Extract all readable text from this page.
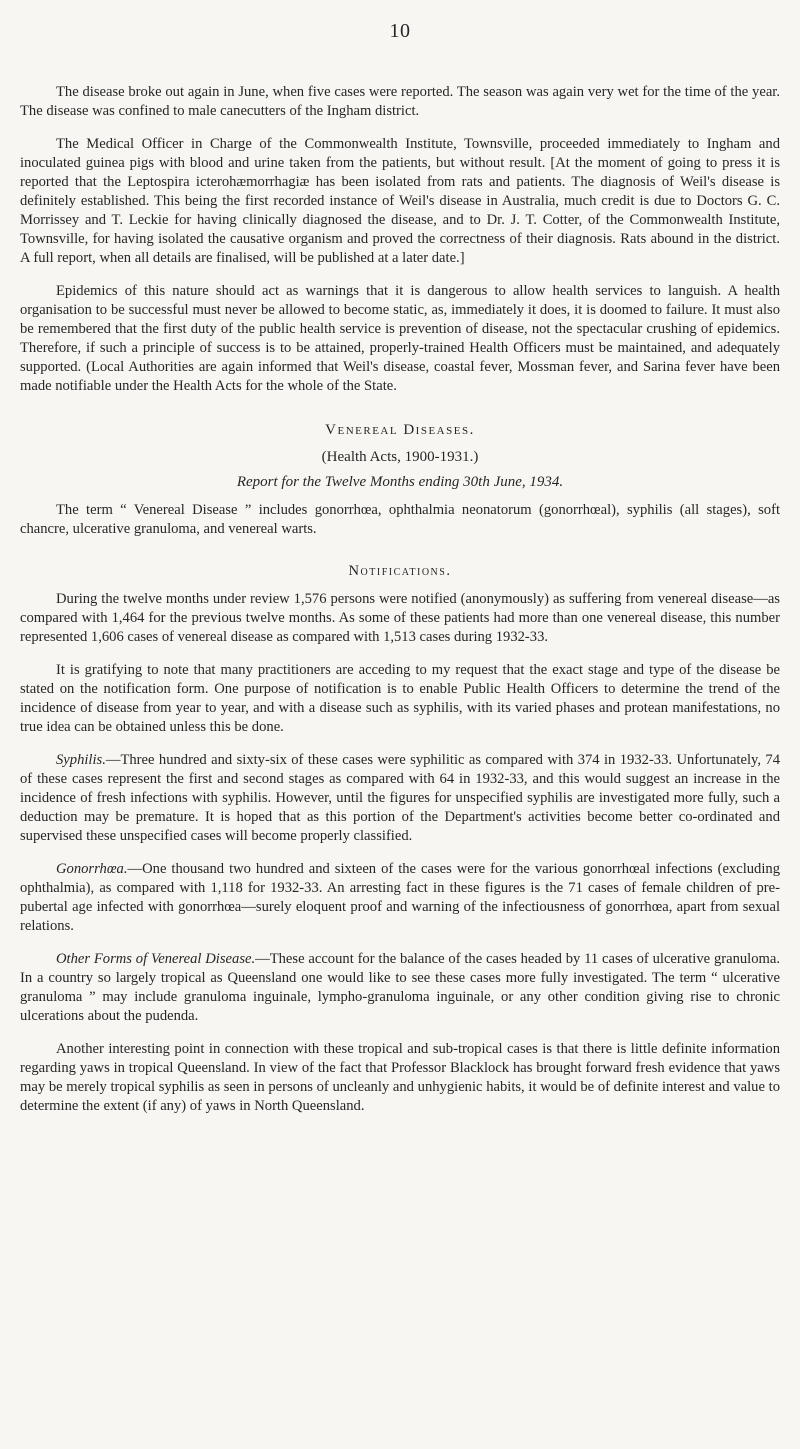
10

The disease broke out again in June, when five cases were reported. The season was again very wet for the time of the year. The disease was confined to male canecutters of the Ingham district.

The Medical Officer in Charge of the Commonwealth Institute, Townsville, proceeded immediately to Ingham and inoculated guinea pigs with blood and urine taken from the patients, but without result. [At the moment of going to press it is reported that the Leptospira icterohæmorrhagiæ has been isolated from rats and patients. The diagnosis of Weil's disease is definitely established. This being the first recorded instance of Weil's disease in Australia, much credit is due to Doctors G. C. Morrissey and T. Leckie for having clinically diagnosed the disease, and to Dr. J. T. Cotter, of the Commonwealth Institute, Townsville, for having isolated the causative organism and proved the correctness of their diagnosis. Rats abound in the district. A full report, when all details are finalised, will be published at a later date.]

Epidemics of this nature should act as warnings that it is dangerous to allow health services to languish. A health organisation to be successful must never be allowed to become static, as, immediately it does, it is doomed to failure. It must also be remembered that the first duty of the public health service is prevention of disease, not the spectacular crushing of epidemics. Therefore, if such a principle of success is to be attained, properly-trained Health Officers must be maintained, and adequately supported. (Local Authorities are again informed that Weil's disease, coastal fever, Mossman fever, and Sarina fever have been made notifiable under the Health Acts for the whole of the State.

Venereal Diseases.
(Health Acts, 1900-1931.)
Report for the Twelve Months ending 30th June, 1934.

The term “ Venereal Disease ” includes gonorrhœa, ophthalmia neonatorum (gonorrhœal), syphilis (all stages), soft chancre, ulcerative granuloma, and venereal warts.

Notifications.

During the twelve months under review 1,576 persons were notified (anonymously) as suffering from venereal disease—as compared with 1,464 for the previous twelve months. As some of these patients had more than one venereal disease, this number represented 1,606 cases of venereal disease as compared with 1,513 cases during 1932-33.

It is gratifying to note that many practitioners are acceding to my request that the exact stage and type of the disease be stated on the notification form. One purpose of notification is to enable Public Health Officers to determine the trend of the incidence of disease from year to year, and with a disease such as syphilis, with its varied phases and protean manifestations, no true idea can be obtained unless this be done.

Syphilis.—Three hundred and sixty-six of these cases were syphilitic as compared with 374 in 1932-33. Unfortunately, 74 of these cases represent the first and second stages as compared with 64 in 1932-33, and this would suggest an increase in the incidence of fresh infections with syphilis. However, until the figures for unspecified syphilis are investigated more fully, such a deduction may be premature. It is hoped that as this portion of the Department's activities become better co-ordinated and supervised these unspecified cases will become properly classified.

Gonorrhœa.—One thousand two hundred and sixteen of the cases were for the various gonorrhœal infections (excluding ophthalmia), as compared with 1,118 for 1932-33. An arresting fact in these figures is the 71 cases of female children of pre-pubertal age infected with gonorrhœa—surely eloquent proof and warning of the infectiousness of gonorrhœa, apart from sexual relations.

Other Forms of Venereal Disease.—These account for the balance of the cases headed by 11 cases of ulcerative granuloma. In a country so largely tropical as Queensland one would like to see these cases more fully investigated. The term “ ulcerative granuloma ” may include granuloma inguinale, lympho-granuloma inguinale, or any other condition giving rise to chronic ulcerations about the pudenda.

Another interesting point in connection with these tropical and sub-tropical cases is that there is little definite information regarding yaws in tropical Queensland. In view of the fact that Professor Blacklock has brought forward fresh evidence that yaws may be merely tropical syphilis as seen in persons of uncleanly and unhygienic habits, it would be of definite interest and value to determine the extent (if any) of yaws in North Queensland.
